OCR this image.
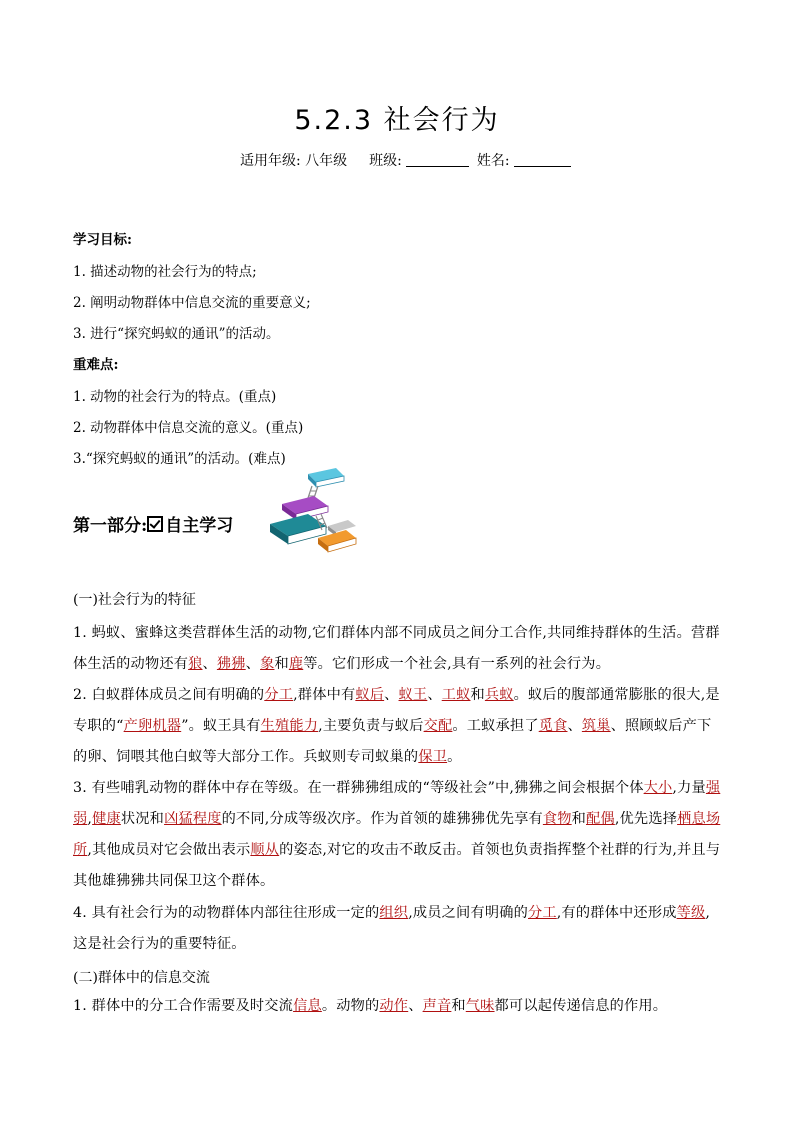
5.2.3 社会行为
适用年级: 八年级 班级:	姓名:
学习目标:
1. 描述动物的社会行为的特点;
2. 阐明动物群体中信息交流的重要意义;
3. 进行“探究蚂蚁的通讯”的活动。
重难点:
1. 动物的社会行为的特点。(重点)
2. 动物群体中信息交流的意义。(重点)
3.“探究蚂蚁的通讯”的活动。(难点)
第一部分: 自主学习
(一)社会行为的特征
1. 蚂蚁、蜜蜂这类营群体生活的动物,它们群体内部不同成员之间分工合作,共同维持群体的生活。营群体生活的动物还有狼、狒狒、象和鹿等。它们形成一个社会,具有一系列的社会行为。
2. 白蚁群体成员之间有明确的分工,群体中有蚁后、蚁王、工蚁和兵蚁。蚁后的腹部通常膨胀的很大,是专职的“产卵机器”。蚁王具有生殖能力,主要负责与蚁后交配。工蚁承担了觅食、筑巢、照顾蚁后产下的卵、饲喂其他白蚁等大部分工作。兵蚁则专司蚁巢的保卫。
3. 有些哺乳动物的群体中存在等级。在一群狒狒组成的“等级社会”中,狒狒之间会根据个体大小,力量强弱,健康状况和凶猛程度的不同,分成等级次序。作为首领的雄狒狒优先享有食物和配偶,优先选择栖息场所,其他成员对它会做出表示顺从的姿态,对它的攻击不敢反击。首领也负责指挥整个社群的行为,并且与其他雄狒狒共同保卫这个群体。
4. 具有社会行为的动物群体内部往往形成一定的组织,成员之间有明确的分工,有的群体中还形成等级,这是社会行为的重要特征。
(二)群体中的信息交流
1. 群体中的分工合作需要及时交流信息。动物的动作、声音和气味都可以起传递信息的作用。
